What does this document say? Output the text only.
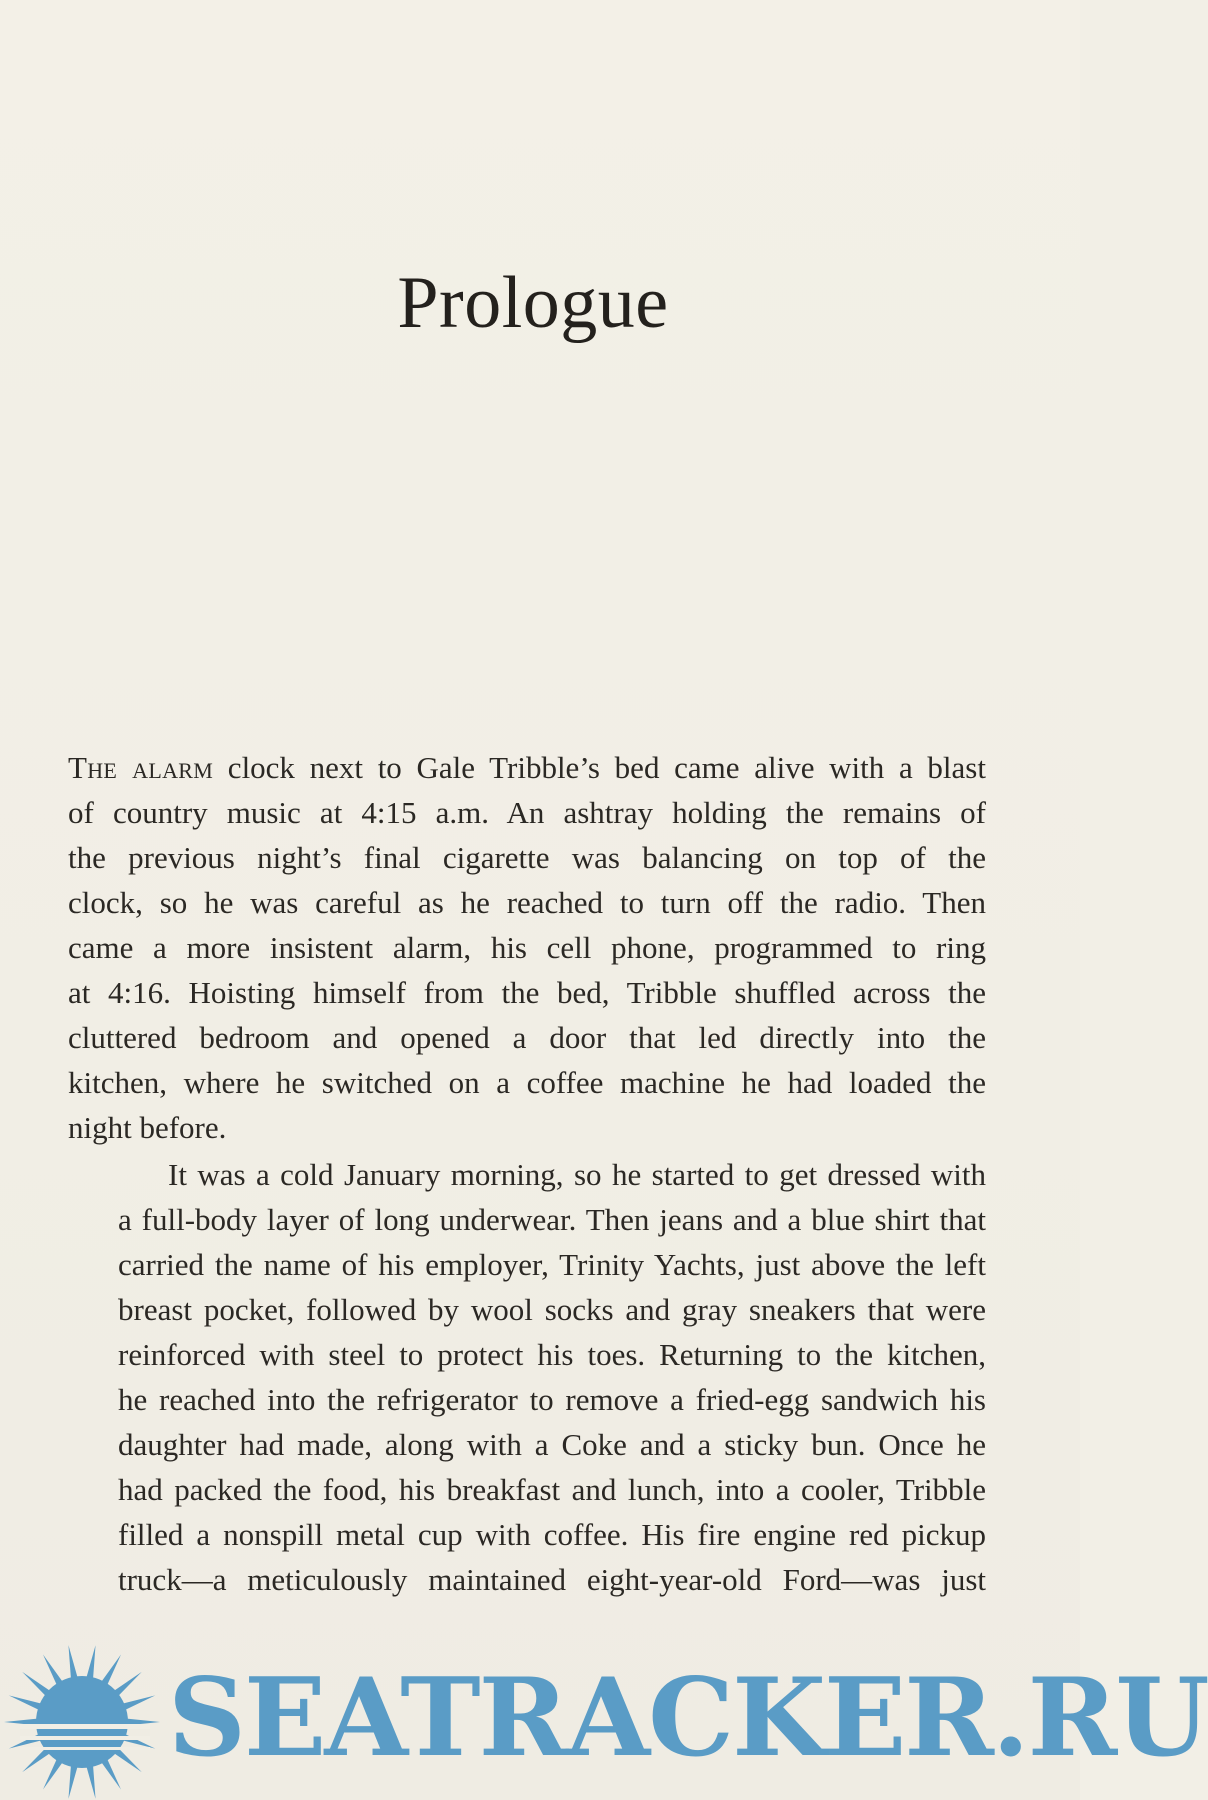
Prologue

The alarm clock next to Gale Tribble’s bed came alive with a blast
of country music at 4:15 a.m. An ashtray holding the remains of
the previous night’s final cigarette was balancing on top of the
clock, so he was careful as he reached to turn off the radio. Then
came a more insistent alarm, his cell phone, programmed to ring
at 4:16. Hoisting himself from the bed, Tribble shuffled across the
cluttered bedroom and opened a door that led directly into the
kitchen, where he switched on a coffee machine he had loaded the
night before.

It was a cold January morning, so he started to get dressed with
a full-body layer of long underwear. Then jeans and a blue shirt that
carried the name of his employer, Trinity Yachts, just above the left
breast pocket, followed by wool socks and gray sneakers that were
reinforced with steel to protect his toes. Returning to the kitchen,
he reached into the refrigerator to remove a fried-egg sandwich his
daughter had made, along with a Coke and a sticky bun. Once he
had packed the food, his breakfast and lunch, into a cooler, Tribble
filled a nonspill metal cup with coffee. His fire engine red pickup
truck—a meticulously maintained eight-year-old Ford—was just

SEATRACKER.RU
